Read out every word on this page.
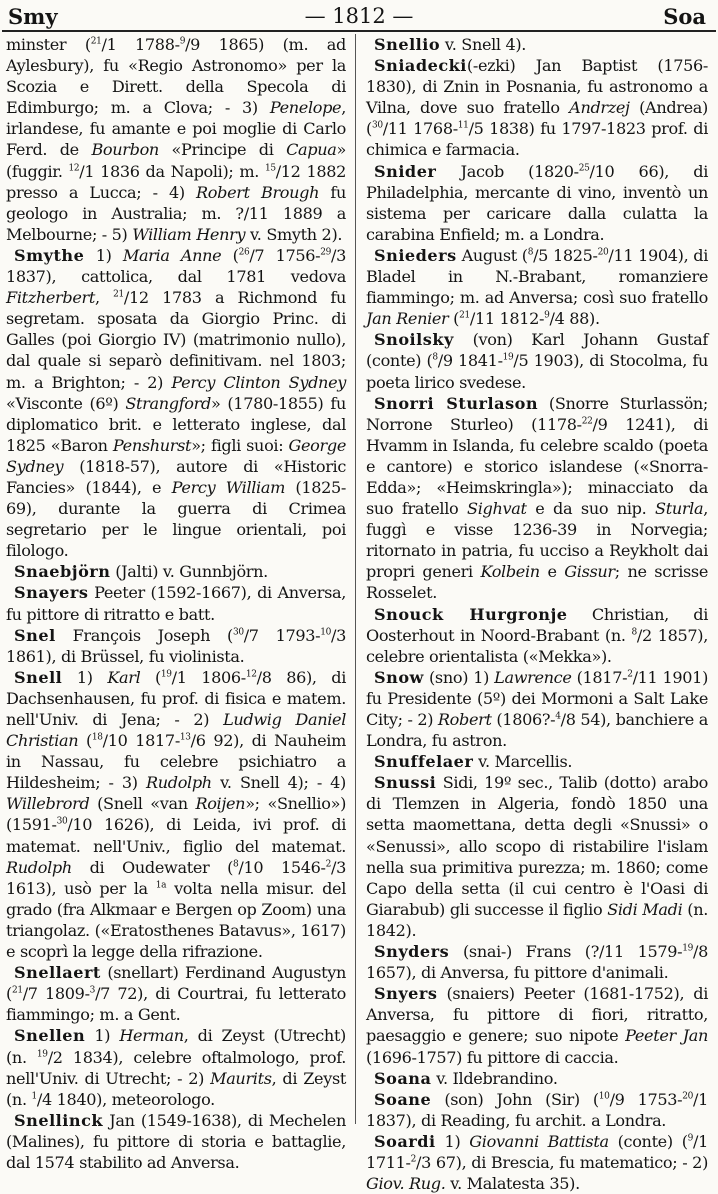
Smy	— 1812 —	Soa

minster ($^{21}$/1 1788-$^9$/9 1865) (m. ad Aylesbury), fu «Regio Astronomo» per la Scozia e Dirett. della Specola di Edimburgo; m. a Clova; - 3) Penelope, irlandese, fu amante e poi moglie di Carlo Ferd. de Bourbon «Principe di Capua» (fuggir. $^{12}$/1 1836 da Napoli); m. $^{15}$/12 1882 presso a Lucca; - 4) Robert Brough fu geologo in Australia; m. ?/11 1889 a Melbourne; - 5) William Henry v. Smyth 2).

Smythe 1) Maria Anne ($^{26}$/7 1756-$^{29}$/3 1837), cattolica, dal 1781 vedova Fitzherbert, $^{21}$/12 1783 a Richmond fu segretam. sposata da Giorgio Princ. di Galles (poi Giorgio IV) (matrimonio nullo), dal quale si separò definitivam. nel 1803; m. a Brighton; - 2) Percy Clinton Sydney «Visconte (6º) Strangford» (1780-1855) fu diplomatico brit. e letterato inglese, dal 1825 «Baron Penshurst»; figli suoi: George Sydney (1818-57), autore di «Historic Fancies» (1844), e Percy William (1825-69), durante la guerra di Crimea segretario per le lingue orientali, poi filologo.

Snaebjörn (Jalti) v. Gunnbjörn.

Snayers Peeter (1592-1667), di Anversa, fu pittore di ritratto e batt.

Snel François Joseph ($^{30}$/7 1793-$^{10}$/3 1861), di Brüssel, fu violinista.

Snell 1) Karl ($^{19}$/1 1806-$^{12}$/8 86), di Dachsenhausen, fu prof. di fisica e matem. nell'Univ. di Jena; - 2) Ludwig Daniel Christian ($^{18}$/10 1817-$^{13}$/6 92), di Nauheim in Nassau, fu celebre psichiatro a Hildesheim; - 3) Rudolph v. Snell 4); - 4) Willebrord (Snell «van Roijen»; «Snellio») (1591-$^{30}$/10 1626), di Leida, ivi prof. di matemat. nell'Univ., figlio del matemat. Rudolph di Oudewater ($^8$/10 1546-$^2$/3 1613), usò per la $^{1a}$ volta nella misur. del grado (fra Alkmaar e Bergen op Zoom) una triangolaz. («Eratosthenes Batavus», 1617) e scoprì la legge della rifrazione.

Snellaert (snellart) Ferdinand Augustyn ($^{21}$/7 1809-$^3$/7 72), di Courtrai, fu letterato fiammingo; m. a Gent.

Snellen 1) Herman, di Zeyst (Utrecht) (n. $^{19}$/2 1834), celebre oftalmologo, prof. nell'Univ. di Utrecht; - 2) Maurits, di Zeyst (n. $^1$/4 1840), meteorologo.

Snellinck Jan (1549-1638), di Mechelen (Malines), fu pittore di storia e battaglie, dal 1574 stabilito ad Anversa.

Snellio v. Snell 4).

Sniadecki(-ezki) Jan Baptist (1756-1830), di Znin in Posnania, fu astronomo a Vilna, dove suo fratello Andrzej (Andrea) ($^{30}$/11 1768-$^{11}$/5 1838) fu 1797-1823 prof. di chimica e farmacia.

Snider Jacob (1820-$^{25}$/10 66), di Philadelphia, mercante di vino, inventò un sistema per caricare dalla culatta la carabina Enfield; m. a Londra.

Snieders August ($^8$/5 1825-$^{20}$/11 1904), di Bladel in N.-Brabant, romanziere fiammingo; m. ad Anversa; così suo fratello Jan Renier ($^{21}$/11 1812-$^9$/4 88).

Snoilsky (von) Karl Johann Gustaf (conte) ($^8$/9 1841-$^{19}$/5 1903), di Stocolma, fu poeta lirico svedese.

Snorri Sturlason (Snorre Sturlassön; Norrone Sturleo) (1178-$^{22}$/9 1241), di Hvamm in Islanda, fu celebre scaldo (poeta e cantore) e storico islandese («Snorra-Edda»; «Heimskringla»); minacciato da suo fratello Sighvat e da suo nip. Sturla, fuggì e visse 1236-39 in Norvegia; ritornato in patria, fu ucciso a Reykholt dai propri generi Kolbein e Gissur; ne scrisse Rosselet.

Snouck Hurgronje Christian, di Oosterhout in Noord-Brabant (n. $^8$/2 1857), celebre orientalista («Mekka»).

Snow (sno) 1) Lawrence (1817-$^2$/11 1901) fu Presidente (5º) dei Mormoni a Salt Lake City; - 2) Robert (1806?-$^4$/8 54), banchiere a Londra, fu astron.

Snuffelaer v. Marcellis.

Snussi Sidi, 19º sec., Talib (dotto) arabo di Tlemzen in Algeria, fondò 1850 una setta maomettana, detta degli «Snussi» o «Senussi», allo scopo di ristabilire l'islam nella sua primitiva purezza; m. 1860; come Capo della setta (il cui centro è l'Oasi di Giarabub) gli successe il figlio Sidi Madi (n. 1842).

Snyders (snai-) Frans (?/11 1579-$^{19}$/8 1657), di Anversa, fu pittore d'animali.

Snyers (snaiers) Peeter (1681-1752), di Anversa, fu pittore di fiori, ritratto, paesaggio e genere; suo nipote Peeter Jan (1696-1757) fu pittore di caccia.

Soana v. Ildebrandino.

Soane (son) John (Sir) ($^{10}$/9 1753-$^{20}$/1 1837), di Reading, fu archit. a Londra.

Soardi 1) Giovanni Battista (conte) ($^9$/1 1711-$^2$/3 67), di Brescia, fu matematico; - 2) Giov. Rug. v. Malatesta 35).
